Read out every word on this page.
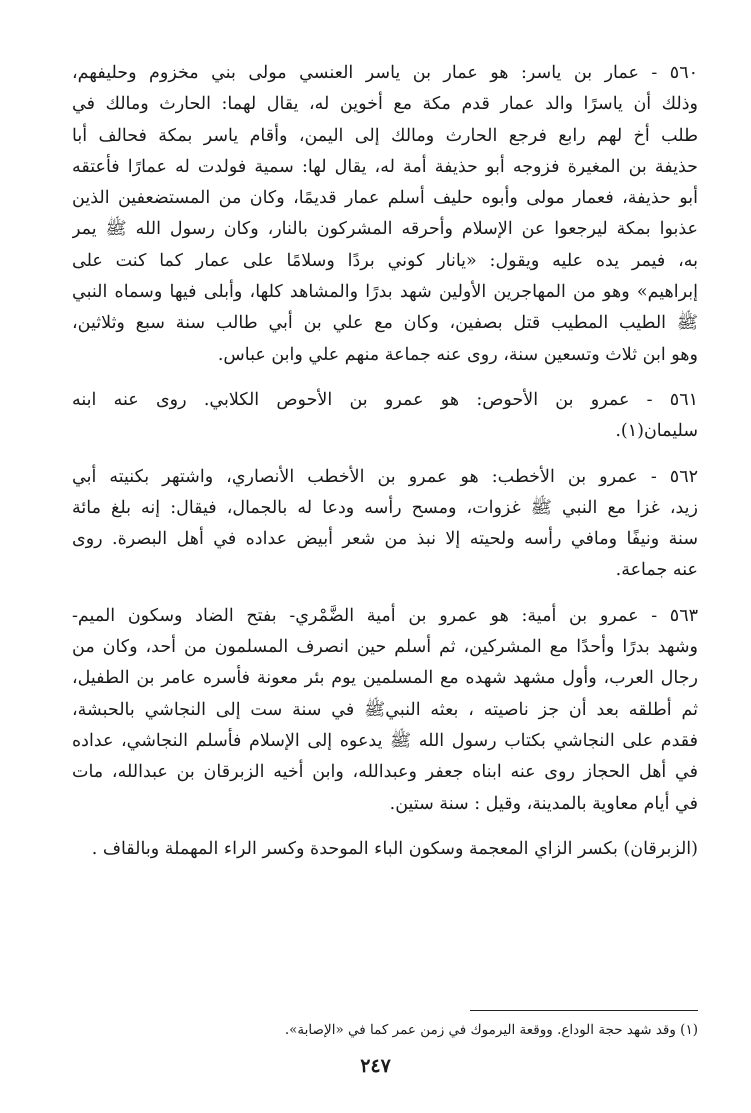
٥٦٠ - عمار بن ياسر: هو عمار بن ياسر العنسي مولى بني مخزوم وحليفهم،
وذلك أن ياسرًا والد عمار قدم مكة مع أخوين له، يقال لهما: الحارث ومالك في
طلب أخ لهم رابع فرجع الحارث ومالك إلى اليمن، وأقام ياسر بمكة فحالف أبا
حذيفة بن المغيرة فزوجه أبو حذيفة أمة له، يقال لها: سمية فولدت له عمارًا فأعتقه
أبو حذيفة، فعمار مولى وأبوه حليف أسلم عمار قديمًا، وكان من المستضعفين الذين
عذبوا بمكة ليرجعوا عن الإسلام وأحرقه المشركون بالنار، وكان رسول الله ﷺ يمر
به، فيمر يده عليه ويقول: «يانار كوني بردًا وسلامًا على عمار كما كنت على
إبراهيم» وهو من المهاجرين الأولين شهد بدرًا والمشاهد كلها، وأبلى فيها وسماه النبي
ﷺ الطيب المطيب قتل بصفين، وكان مع علي بن أبي طالب سنة سبع وثلاثين،
وهو ابن ثلاث وتسعين سنة، روى عنه جماعة منهم علي وابن عباس.
٥٦١ - عمرو بن الأحوص: هو عمرو بن الأحوص الكلابي. روى عنه ابنه
سليمان(١).
٥٦٢ - عمرو بن الأخطب: هو عمرو بن الأخطب الأنصاري، واشتهر بكنيته أبي
زيد، غزا مع النبي ﷺ غزوات، ومسح رأسه ودعا له بالجمال، فيقال: إنه بلغ مائة
سنة ونيفًا ومافي رأسه ولحيته إلا نبذ من شعر أبيض عداده في أهل البصرة. روى
عنه جماعة.
٥٦٣ - عمرو بن أمية: هو عمرو بن أمية الضَّمْري- بفتح الضاد وسكون الميم-
وشهد بدرًا وأحدًا مع المشركين، ثم أسلم حين انصرف المسلمون من أحد، وكان من
رجال العرب، وأول مشهد شهده مع المسلمين يوم بئر معونة فأسره عامر بن الطفيل،
ثم أطلقه بعد أن جز ناصيته ، بعثه النبيﷺ في سنة ست إلى النجاشي بالحبشة،
فقدم على النجاشي بكتاب رسول الله ﷺ يدعوه إلى الإسلام فأسلم النجاشي، عداده
في أهل الحجاز روى عنه ابناه جعفر وعبدالله، وابن أخيه الزبرقان بن عبدالله، مات
في أيام معاوية بالمدينة، وقيل : سنة ستين.
(الزبرقان) بكسر الزاي المعجمة وسكون الباء الموحدة وكسر الراء المهملة وبالقاف .
(١) وقد شهد حجة الوداع. ووقعة اليرموك في زمن عمر كما في «الإصابة».
٢٤٧
